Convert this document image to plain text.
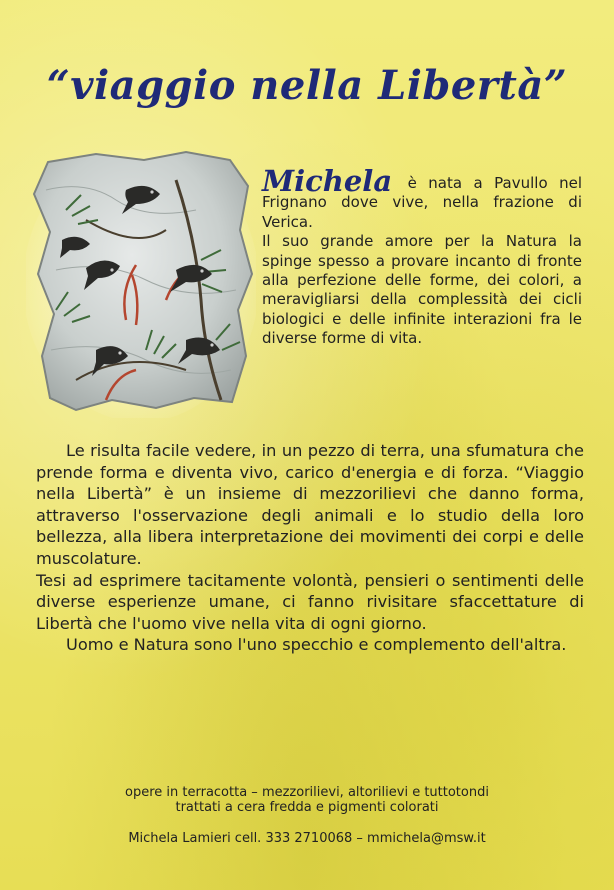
“viaggio nella Libertà”

Michela è nata a Pavullo nel Frignano dove vive, nella frazione di Verica.

Il suo grande amore per la Natura la spinge spesso a provare incanto di fronte alla perfezione delle forme, dei colori, a meravigliarsi della complessità dei cicli biologici e delle infinite interazioni fra le diverse forme di vita.

Le risulta facile vedere, in un pezzo di terra, una sfumatura che prende forma e diventa vivo, carico d'energia e di forza. “Viaggio nella Libertà” è un insieme di mezzorilievi che danno forma, attraverso l'osservazione degli animali e lo studio della loro bellezza, alla libera interpretazione dei movimenti dei corpi e delle muscolature.

Tesi ad esprimere tacitamente volontà, pensieri o sentimenti delle diverse esperienze umane, ci fanno rivisitare sfaccettature di Libertà che l'uomo vive nella vita di ogni giorno.

Uomo e Natura sono l'uno specchio e complemento dell'altra.

opere in terracotta – mezzorilievi, altorilievi e tuttotondi
trattati a cera fredda e pigmenti colorati
Michela Lamieri cell. 333 2710068 – mmichela@msw.it
